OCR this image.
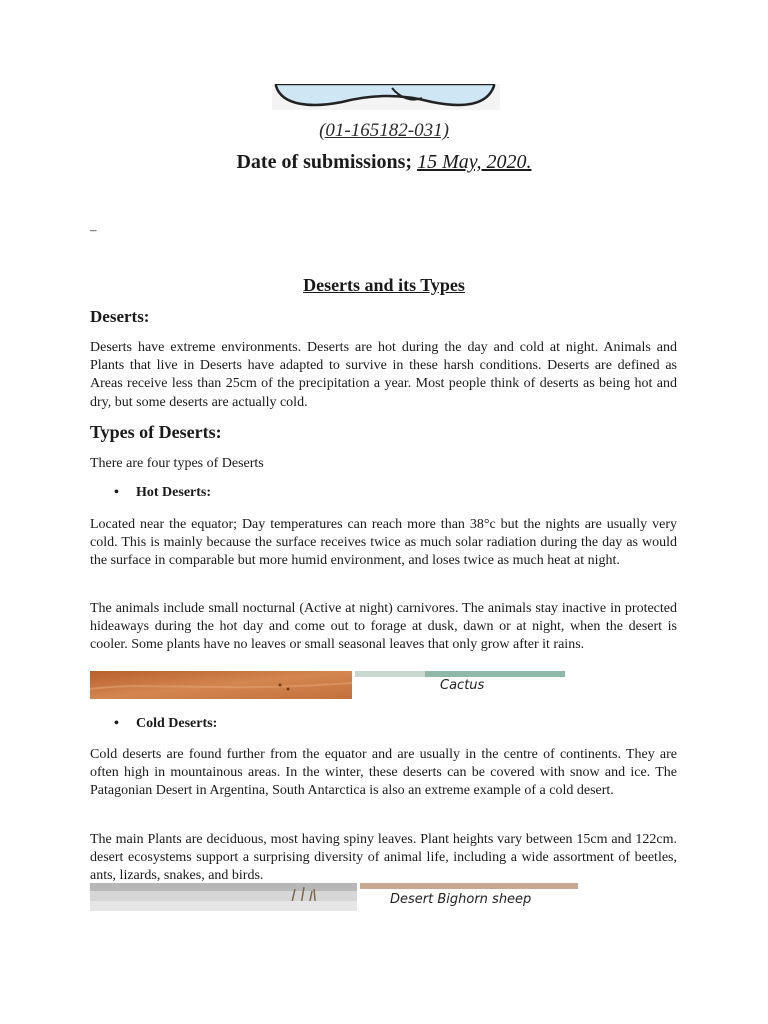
(01-165182-031)
Date of submissions; 15 May, 2020.
–
Deserts and its Types
Deserts:

Deserts have extreme environments. Deserts are hot during the day and cold at night. Animals and Plants that live in Deserts have adapted to survive in these harsh conditions. Deserts are defined as Areas receive less than 25cm of the precipitation a year. Most people think of deserts as being hot and dry, but some deserts are actually cold.

Types of Deserts:

There are four types of Deserts

• Hot Deserts:

Located near the equator; Day temperatures can reach more than 38°c but the nights are usually very cold. This is mainly because the surface receives twice as much solar radiation during the day as would the surface in comparable but more humid environment, and loses twice as much heat at night.

The animals include small nocturnal (Active at night) carnivores. The animals stay inactive in protected hideaways during the hot day and come out to forage at dusk, dawn or at night, when the desert is cooler. Some plants have no leaves or small seasonal leaves that only grow after it rains.

Cactus
• Cold Deserts:

Cold deserts are found further from the equator and are usually in the centre of continents. They are often high in mountainous areas. In the winter, these deserts can be covered with snow and ice. The Patagonian Desert in Argentina, South Antarctica is also an extreme example of a cold desert.

The main Plants are deciduous, most having spiny leaves. Plant heights vary between 15cm and 122cm. desert ecosystems support a surprising diversity of animal life, including a wide assortment of beetles, ants, lizards, snakes, and birds.

Desert Bighorn sheep
